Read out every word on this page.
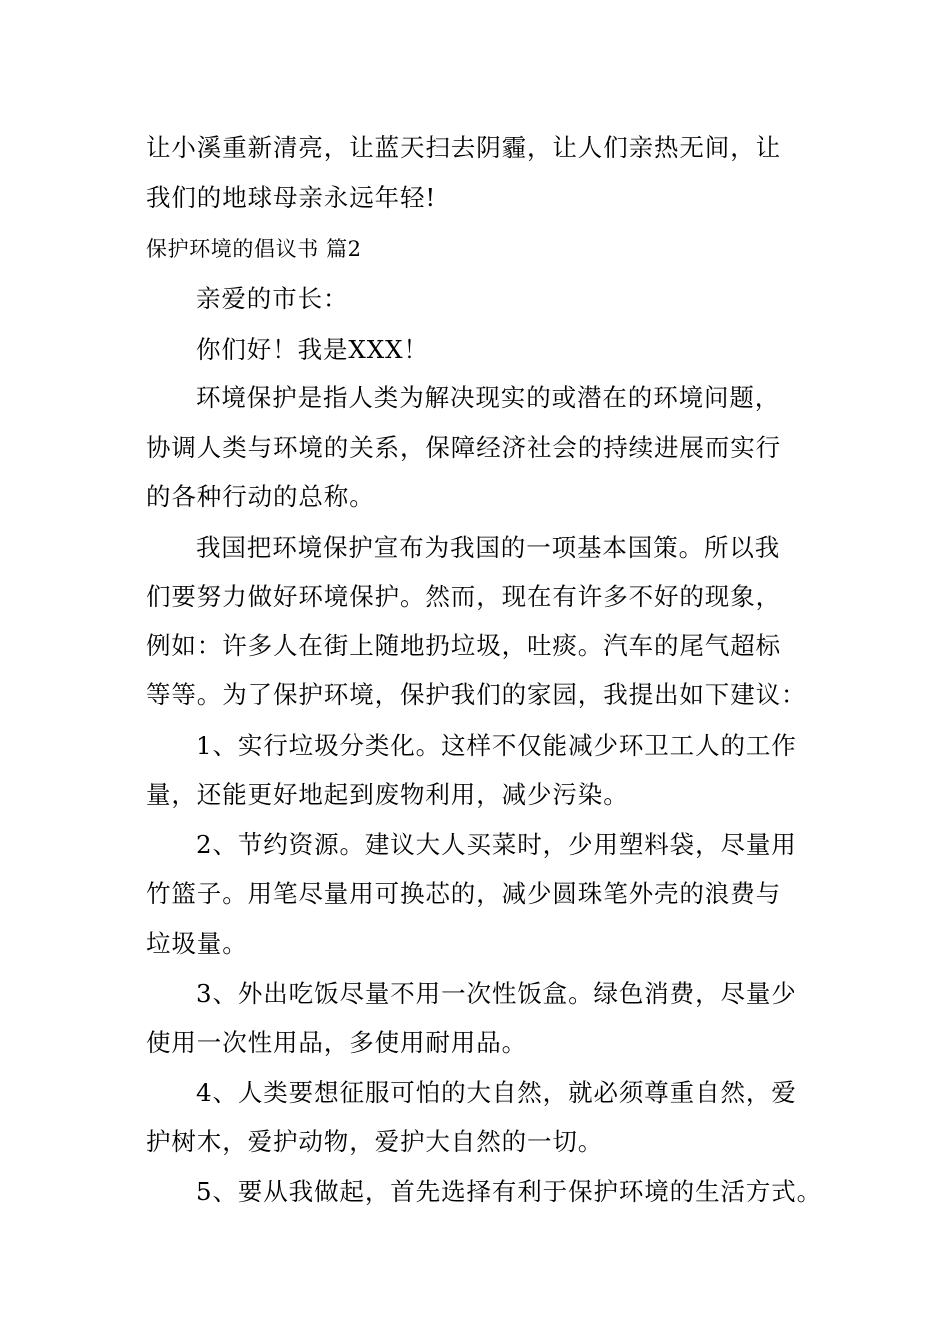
让小溪重新清亮，让蓝天扫去阴霾，让人们亲热无间，让
我们的地球母亲永远年轻!
保护环境的倡议书 篇2
亲爱的市长：
你们好！我是XXX！
环境保护是指人类为解决现实的或潜在的环境问题，
协调人类与环境的关系，保障经济社会的持续进展而实行
的各种行动的总称。
我国把环境保护宣布为我国的一项基本国策。所以我
们要努力做好环境保护。然而，现在有许多不好的现象，
例如：许多人在街上随地扔垃圾，吐痰。汽车的尾气超标
等等。为了保护环境，保护我们的家园，我提出如下建议：
1、实行垃圾分类化。这样不仅能减少环卫工人的工作
量，还能更好地起到废物利用，减少污染。
2、节约资源。建议大人买菜时，少用塑料袋，尽量用
竹篮子。用笔尽量用可换芯的，减少圆珠笔外壳的浪费与
垃圾量。
3、外出吃饭尽量不用一次性饭盒。绿色消费，尽量少
使用一次性用品，多使用耐用品。
4、人类要想征服可怕的大自然，就必须尊重自然，爱
护树木，爱护动物，爱护大自然的一切。
5、要从我做起，首先选择有利于保护环境的生活方式。
